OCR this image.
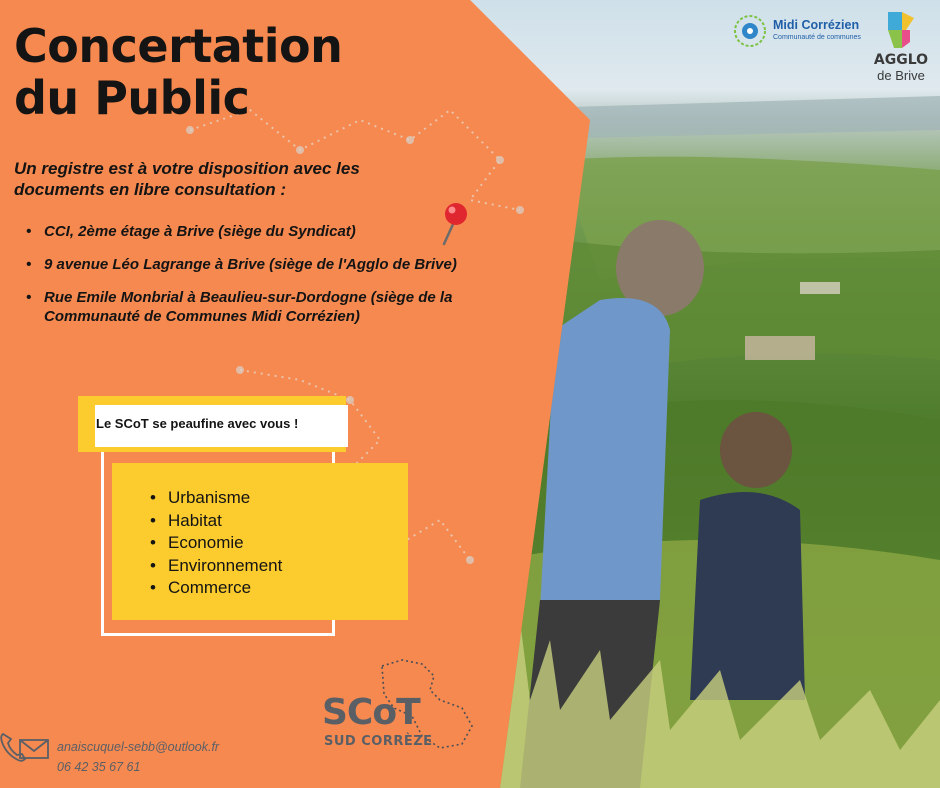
Concertation
du Public

Un registre est à votre disposition avec les documents en libre consultation :

• CCI, 2ème étage à Brive (siège du Syndicat)
• 9 avenue Léo Lagrange à Brive (siège de l'Agglo de Brive)
• Rue Emile Monbrial à Beaulieu-sur-Dordogne (siège de la Communauté de Communes Midi Corrézien)
Le SCoT se peaufine avec vous !
• Urbanisme
• Habitat
• Economie
• Environnement
• Commerce
SCoT
SUD CORRÈZE
anaiscuquel-sebb@outlook.fr
06 42 35 67 61
Midi Corrézien
Communauté de communes
AGGLO
de Brive
